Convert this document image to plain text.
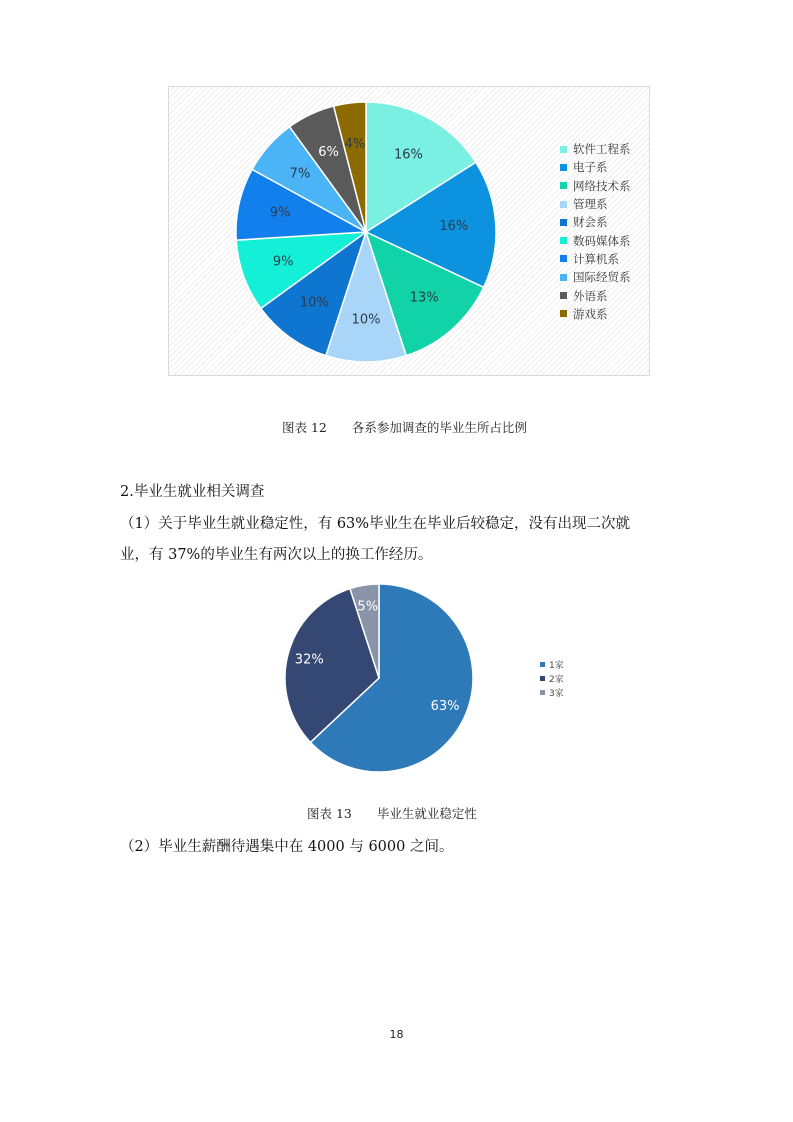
16%
16%
13%
10%
10%
9%
9%
7%
6%
4%	软件工程系
电子系
网络技术系
管理系
财会系
数码媒体系
计算机系
国际经贸系
外语系
游戏系
图表 12　　各系参加调查的毕业生所占比例
2.毕业生就业相关调查
（1）关于毕业生就业稳定性，有 63%毕业生在毕业后较稳定，没有出现二次就
业，有 37%的毕业生有两次以上的换工作经历。
63%
32%
5%
1家
2家
3家
图表 13　　毕业生就业稳定性
（2）毕业生薪酬待遇集中在 4000 与 6000 之间。
18
